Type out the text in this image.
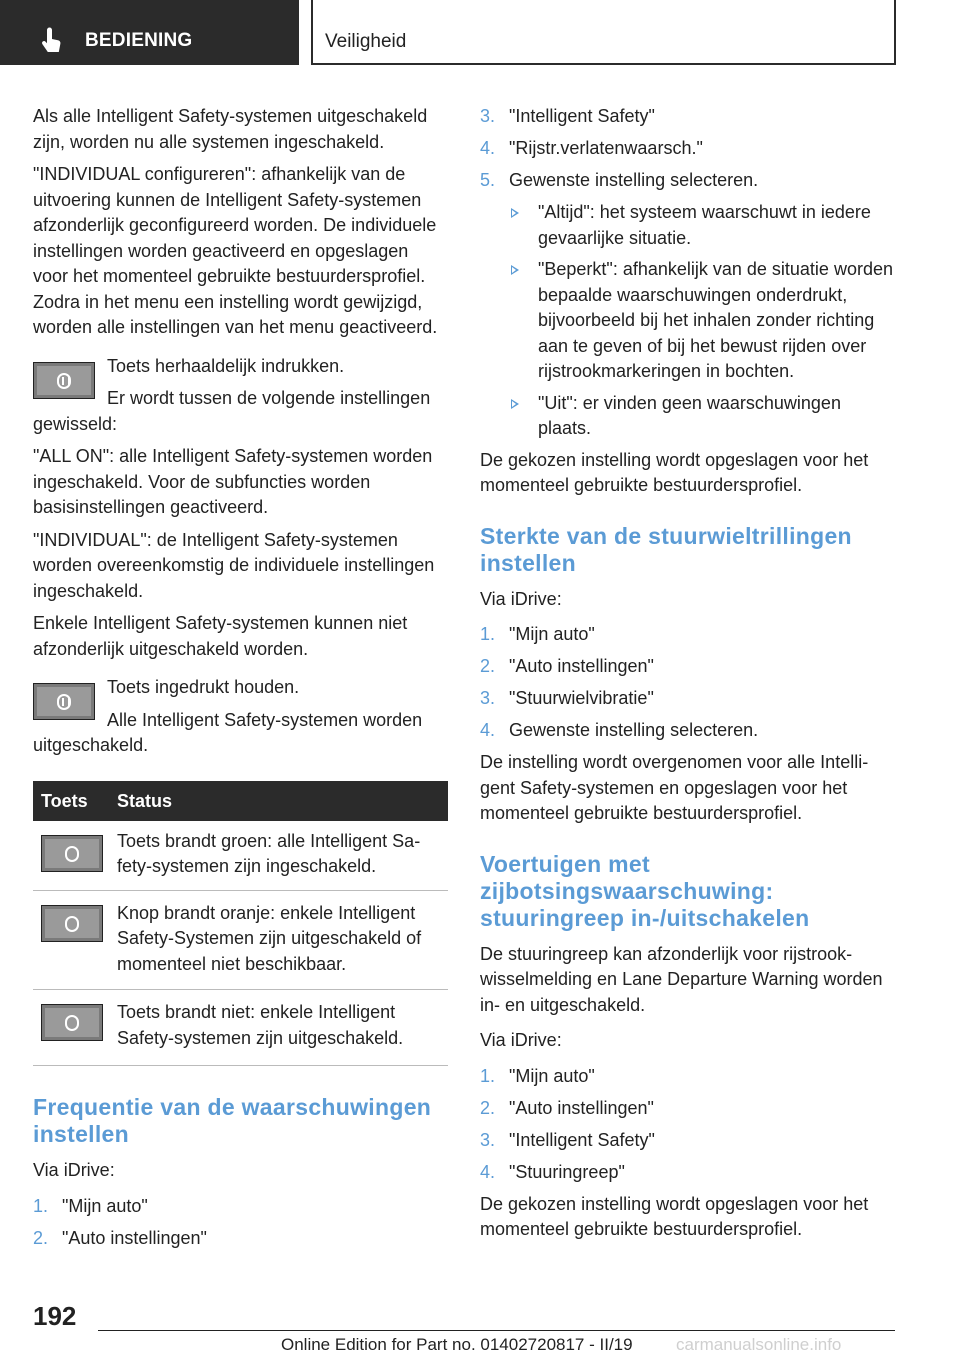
BEDIENING	Veiligheid
Als alle Intelligent Safety-systemen uitgeschakeld zijn, worden nu alle systemen ingeschakeld.
"INDIVIDUAL configureren": afhankelijk van de uitvoering kunnen de Intelligent Safety-systemen afzonderlijk geconfigureerd worden. De individuele instellingen worden geactiveerd en opgeslagen voor het momenteel gebruikte bestuurdersprofiel. Zodra in het menu een instelling wordt gewijzigd, worden alle instellingen van het menu geactiveerd.
Toets herhaaldelijk indrukken.
Er wordt tussen de volgende instellingen gewisseld:
"ALL ON": alle Intelligent Safety-systemen worden ingeschakeld. Voor de subfuncties worden basisinstellingen geactiveerd.
"INDIVIDUAL": de Intelligent Safety-systemen worden overeenkomstig de individuele instellingen ingeschakeld.
Enkele Intelligent Safety-systemen kunnen niet afzonderlijk uitgeschakeld worden.
Toets ingedrukt houden.
Alle Intelligent Safety-systemen worden uitgeschakeld.
Toets Status
Toets brandt groen: alle Intelligent Safety-systemen zijn ingeschakeld.
Knop brandt oranje: enkele Intelligent Safety-Systemen zijn uitgeschakeld of momenteel niet beschikbaar.
Toets brandt niet: enkele Intelligent Safety-systemen zijn uitgeschakeld.
Frequentie van de waarschuwingen instellen
Via iDrive:
1. "Mijn auto"
2. "Auto instellingen"
3. "Intelligent Safety"
4. "Rijstr.verlatenwaarsch."
5. Gewenste instelling selecteren.
"Altijd": het systeem waarschuwt in iedere gevaarlijke situatie.
"Beperkt": afhankelijk van de situatie worden bepaalde waarschuwingen onderdrukt, bijvoorbeeld bij het inhalen zonder richting aan te geven of bij het bewust rijden over rijstrookmarkeringen in bochten.
"Uit": er vinden geen waarschuwingen plaats.
De gekozen instelling wordt opgeslagen voor het momenteel gebruikte bestuurdersprofiel.
Sterkte van de stuurwieltrillingen instellen
Via iDrive:
1. "Mijn auto"
2. "Auto instellingen"
3. "Stuurwielvibratie"
4. Gewenste instelling selecteren.
De instelling wordt overgenomen voor alle Intelligent Safety-systemen en opgeslagen voor het momenteel gebruikte bestuurdersprofiel.
Voertuigen met zijbotsingswaarschuwing: stuuringreep in-/uitschakelen
De stuuringreep kan afzonderlijk voor rijstrookwisselmelding en Lane Departure Warning worden in- en uitgeschakeld.
Via iDrive:
1. "Mijn auto"
2. "Auto instellingen"
3. "Intelligent Safety"
4. "Stuuringreep"
De gekozen instelling wordt opgeslagen voor het momenteel gebruikte bestuurdersprofiel.
192
Online Edition for Part no. 01402720817 - II/19	carmanualsonline.info
